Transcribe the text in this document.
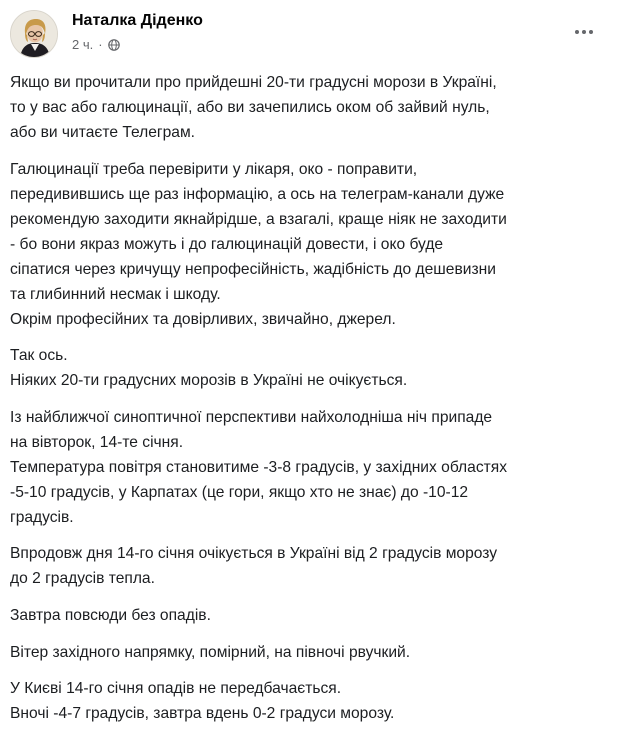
Наталка Діденко
2 ч. ·

Якщо ви прочитали про прийдешні 20-ти градусні морози в Україні,
то у вас або галюцинації, або ви зачепились оком об зайвий нуль,
або ви читаєте Телеграм.

Галюцинації треба перевірити у лікаря, око - поправити,
передивившись ще раз інформацію, а ось на телеграм-канали дуже
рекомендую заходити якнайрідше, а взагалі, краще ніяк не заходити
- бо вони якраз можуть і до галюцинацій довести, і око буде
сіпатися через кричущу непрофесійність, жадібність до дешевизни
та глибинний несмак і шкоду.
Окрім професійних та довірливих, звичайно, джерел.

Так ось.
Ніяких 20-ти градусних морозів в Україні не очікується.

Із найближчої синоптичної перспективи найхолодніша ніч припаде
на вівторок, 14-те січня.
Температура повітря становитиме -3-8 градусів, у західних областях
-5-10 градусів, у Карпатах (це гори, якщо хто не знає) до -10-12
градусів.

Впродовж дня 14-го січня очікується в Україні від 2 градусів морозу
до 2 градусів тепла.

Завтра повсюди без опадів.

Вітер західного напрямку, помірний, на півночі рвучкий.

У Києві 14-го січня опадів не передбачається.
Вночі -4-7 градусів, завтра вдень 0-2 градуси морозу.
